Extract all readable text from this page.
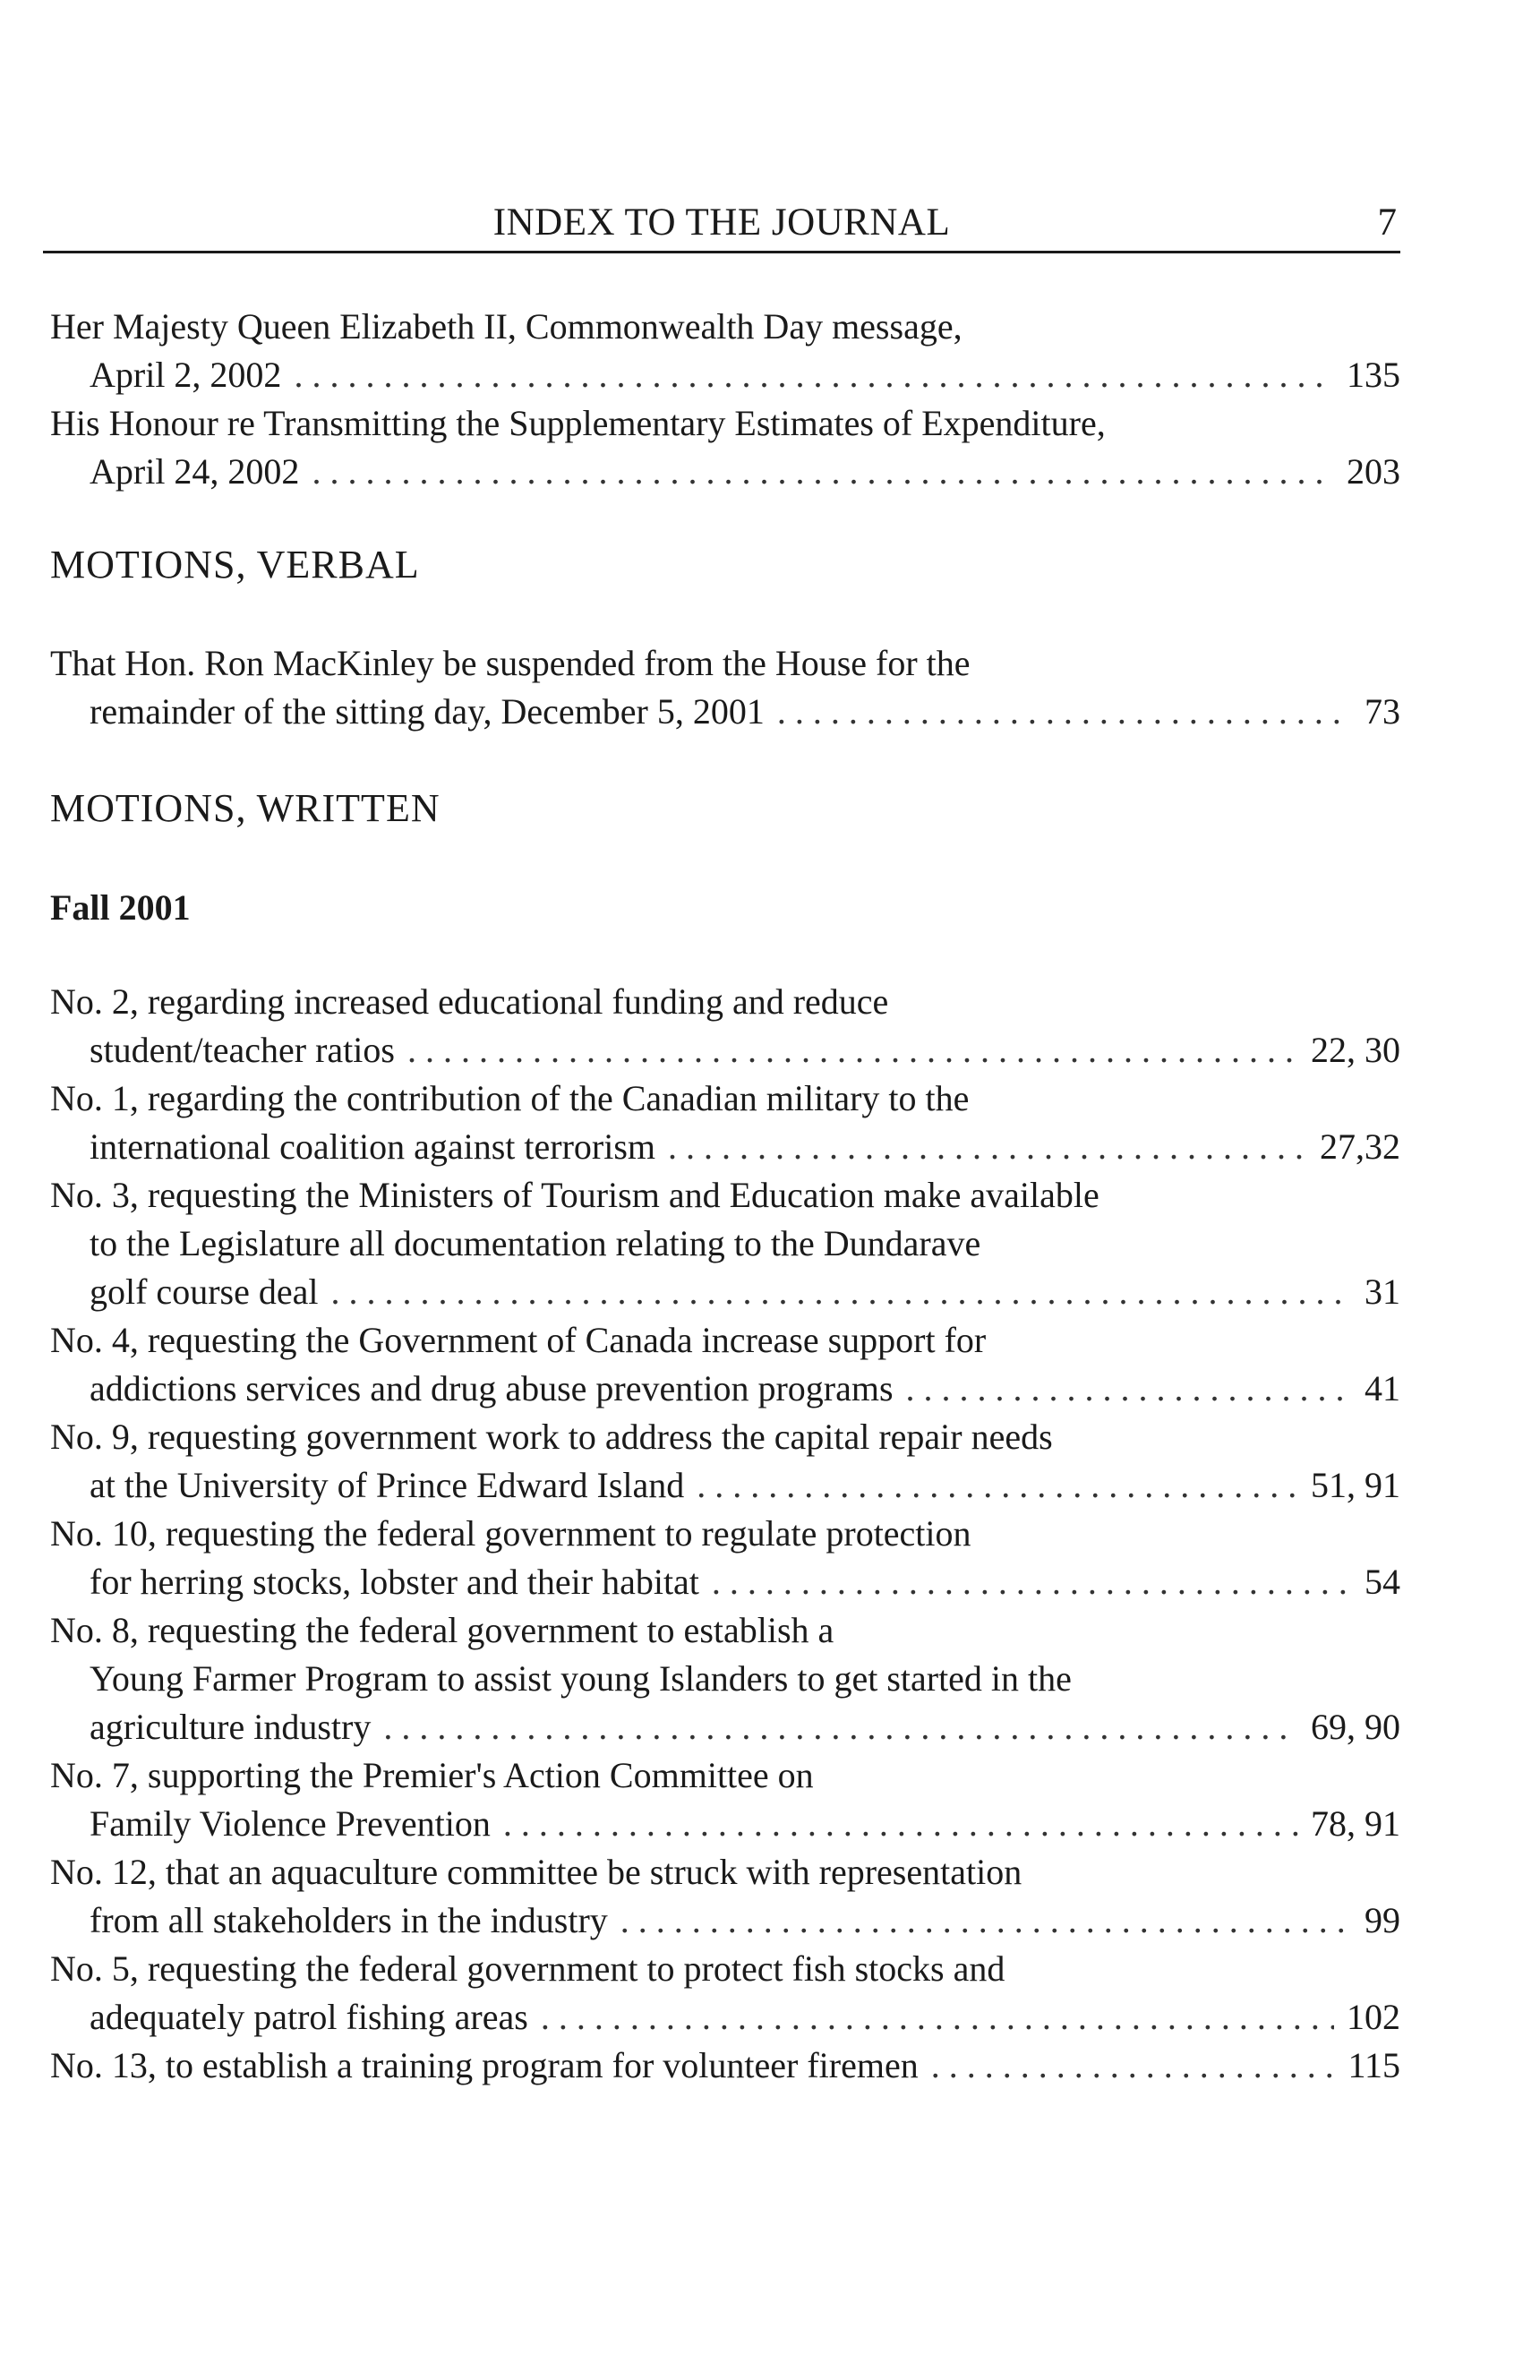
INDEX TO THE JOURNAL	7
Her Majesty Queen Elizabeth II, Commonwealth Day message,
April 2, 2002 . . .	135
His Honour re Transmitting the Supplementary Estimates of Expenditure,
April 24, 2002 . . .	203
MOTIONS, VERBAL
That Hon. Ron MacKinley be suspended from the House for the
remainder of the sitting day, December 5, 2001 . . .	73
MOTIONS, WRITTEN
Fall 2001
No. 2, regarding increased educational funding and reduce
student/teacher ratios . . .	22, 30
No. 1, regarding the contribution of the Canadian military to the
international coalition against terrorism . . .	27,32
No. 3, requesting the Ministers of Tourism and Education make available
to the Legislature all documentation relating to the Dundarave
golf course deal . . .	31
No. 4, requesting the Government of Canada increase support for
addictions services and drug abuse prevention programs . . .	41
No. 9, requesting government work to address the capital repair needs
at the University of Prince Edward Island . . .	51, 91
No. 10, requesting the federal government to regulate protection
for herring stocks, lobster and their habitat . . .	54
No. 8, requesting the federal government to establish a
Young Farmer Program to assist young Islanders to get started in the
agriculture industry . . .	69, 90
No. 7, supporting the Premier's Action Committee on
Family Violence Prevention . . .	78, 91
No. 12, that an aquaculture committee be struck with representation
from all stakeholders in the industry . . .	99
No. 5, requesting the federal government to protect fish stocks and
adequately patrol fishing areas . . .	102
No. 13, to establish a training program for volunteer firemen . . .	115
